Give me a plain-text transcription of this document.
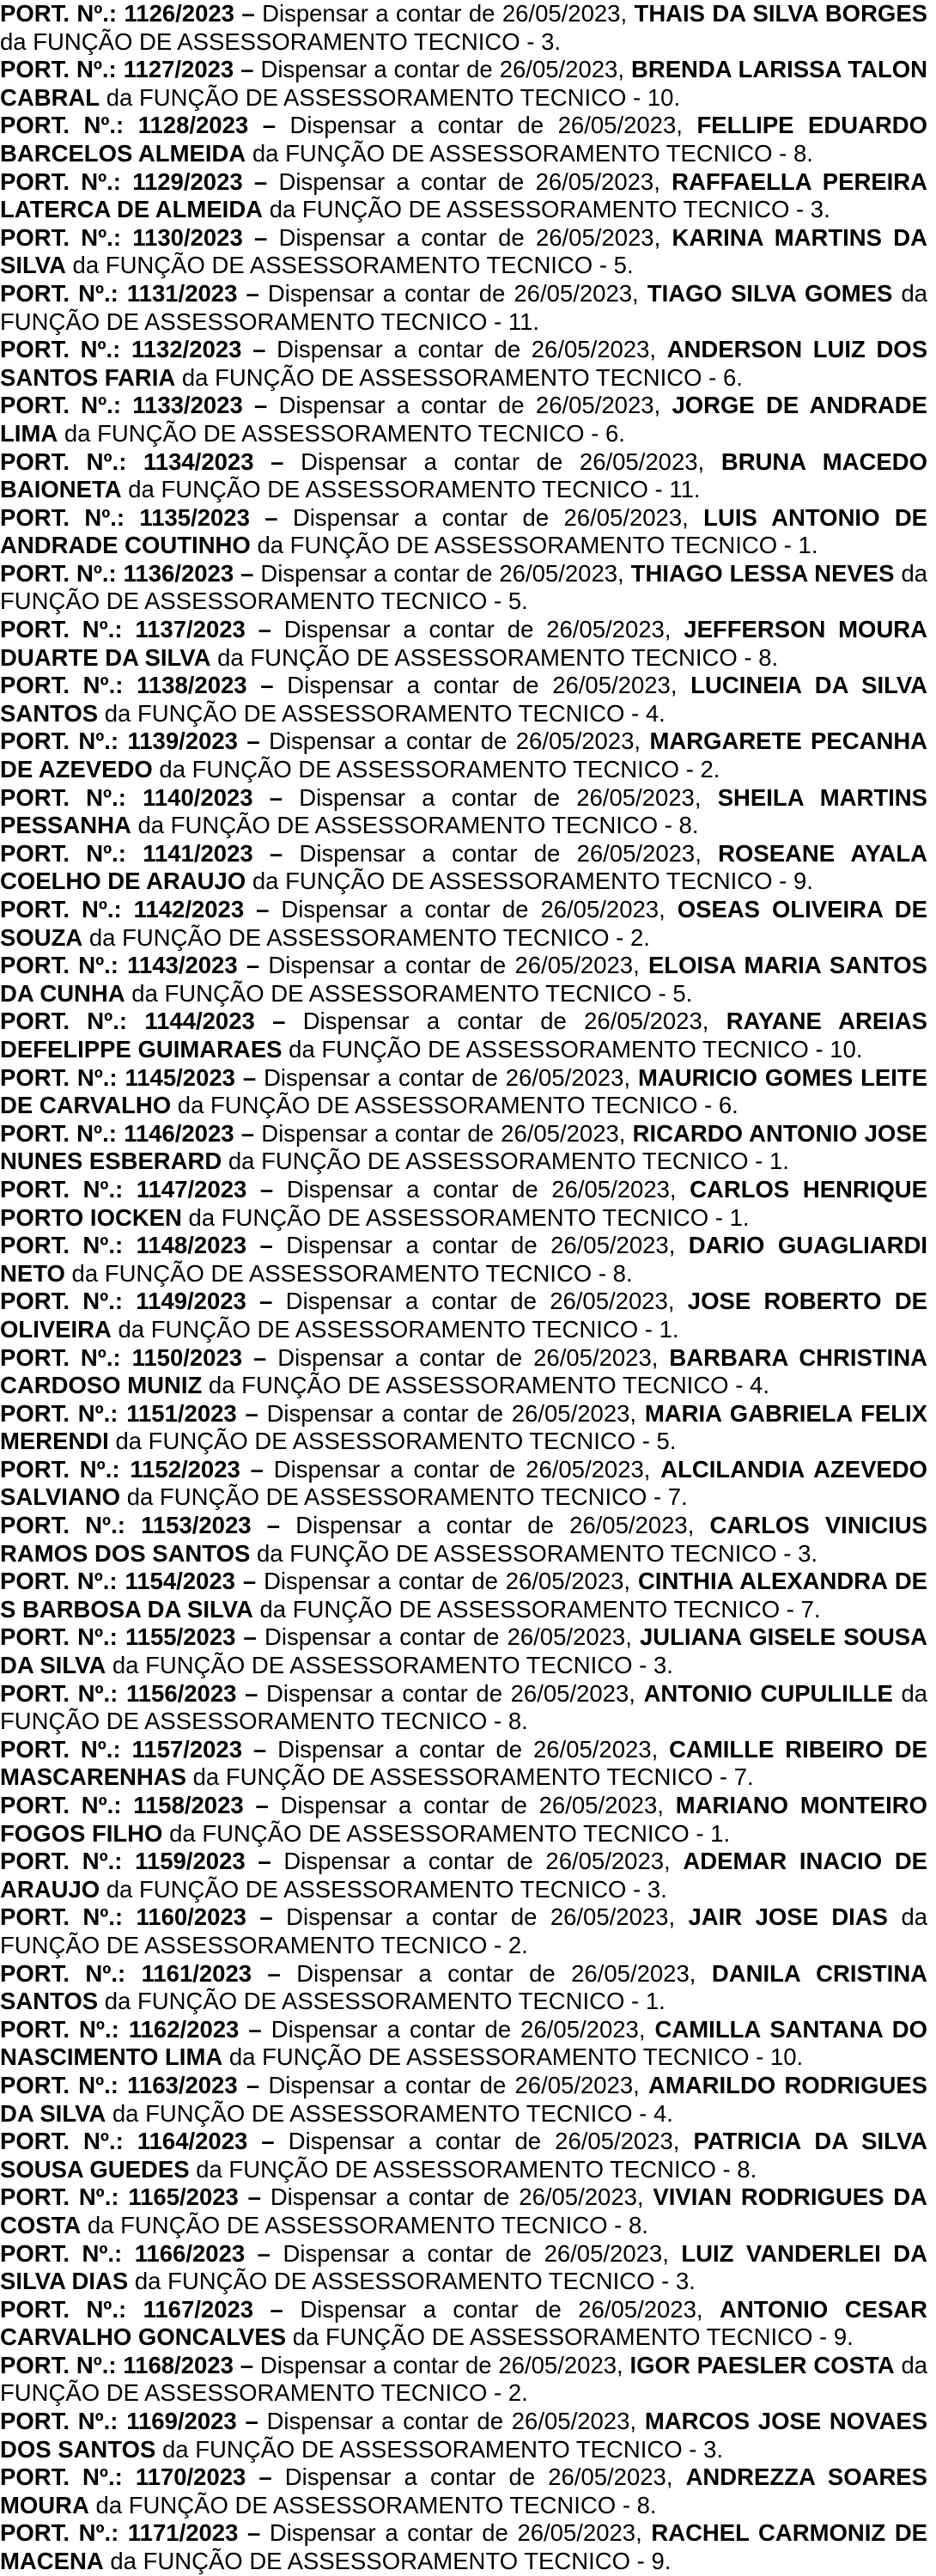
PORT. Nº.: 1126/2023 – Dispensar a contar de 26/05/2023, THAIS DA SILVA BORGES da FUNÇÃO DE ASSESSORAMENTO TECNICO - 3.

PORT. Nº.: 1127/2023 – Dispensar a contar de 26/05/2023, BRENDA LARISSA TALON CABRAL da FUNÇÃO DE ASSESSORAMENTO TECNICO - 10.

PORT. Nº.: 1128/2023 – Dispensar a contar de 26/05/2023, FELLIPE EDUARDO BARCELOS ALMEIDA da FUNÇÃO DE ASSESSORAMENTO TECNICO - 8.

PORT. Nº.: 1129/2023 – Dispensar a contar de 26/05/2023, RAFFAELLA PEREIRA LATERCA DE ALMEIDA da FUNÇÃO DE ASSESSORAMENTO TECNICO - 3.

PORT. Nº.: 1130/2023 – Dispensar a contar de 26/05/2023, KARINA MARTINS DA SILVA da FUNÇÃO DE ASSESSORAMENTO TECNICO - 5.

PORT. Nº.: 1131/2023 – Dispensar a contar de 26/05/2023, TIAGO SILVA GOMES da FUNÇÃO DE ASSESSORAMENTO TECNICO - 11.

PORT. Nº.: 1132/2023 – Dispensar a contar de 26/05/2023, ANDERSON LUIZ DOS SANTOS FARIA da FUNÇÃO DE ASSESSORAMENTO TECNICO - 6.

PORT. Nº.: 1133/2023 – Dispensar a contar de 26/05/2023, JORGE DE ANDRADE LIMA da FUNÇÃO DE ASSESSORAMENTO TECNICO - 6.

PORT. Nº.: 1134/2023 – Dispensar a contar de 26/05/2023, BRUNA MACEDO BAIONETA da FUNÇÃO DE ASSESSORAMENTO TECNICO - 11.

PORT. Nº.: 1135/2023 – Dispensar a contar de 26/05/2023, LUIS ANTONIO DE ANDRADE COUTINHO da FUNÇÃO DE ASSESSORAMENTO TECNICO - 1.

PORT. Nº.: 1136/2023 – Dispensar a contar de 26/05/2023, THIAGO LESSA NEVES da FUNÇÃO DE ASSESSORAMENTO TECNICO - 5.

PORT. Nº.: 1137/2023 – Dispensar a contar de 26/05/2023, JEFFERSON MOURA DUARTE DA SILVA da FUNÇÃO DE ASSESSORAMENTO TECNICO - 8.

PORT. Nº.: 1138/2023 – Dispensar a contar de 26/05/2023, LUCINEIA DA SILVA SANTOS da FUNÇÃO DE ASSESSORAMENTO TECNICO - 4.

PORT. Nº.: 1139/2023 – Dispensar a contar de 26/05/2023, MARGARETE PECANHA DE AZEVEDO da FUNÇÃO DE ASSESSORAMENTO TECNICO - 2.

PORT. Nº.: 1140/2023 – Dispensar a contar de 26/05/2023, SHEILA MARTINS PESSANHA da FUNÇÃO DE ASSESSORAMENTO TECNICO - 8.

PORT. Nº.: 1141/2023 – Dispensar a contar de 26/05/2023, ROSEANE AYALA COELHO DE ARAUJO da FUNÇÃO DE ASSESSORAMENTO TECNICO - 9.

PORT. Nº.: 1142/2023 – Dispensar a contar de 26/05/2023, OSEAS OLIVEIRA DE SOUZA da FUNÇÃO DE ASSESSORAMENTO TECNICO - 2.

PORT. Nº.: 1143/2023 – Dispensar a contar de 26/05/2023, ELOISA MARIA SANTOS DA CUNHA da FUNÇÃO DE ASSESSORAMENTO TECNICO - 5.

PORT. Nº.: 1144/2023 – Dispensar a contar de 26/05/2023, RAYANE AREIAS DEFELIPPE GUIMARAES da FUNÇÃO DE ASSESSORAMENTO TECNICO - 10.

PORT. Nº.: 1145/2023 – Dispensar a contar de 26/05/2023, MAURICIO GOMES LEITE DE CARVALHO da FUNÇÃO DE ASSESSORAMENTO TECNICO - 6.

PORT. Nº.: 1146/2023 – Dispensar a contar de 26/05/2023, RICARDO ANTONIO JOSE NUNES ESBERARD da FUNÇÃO DE ASSESSORAMENTO TECNICO - 1.

PORT. Nº.: 1147/2023 – Dispensar a contar de 26/05/2023, CARLOS HENRIQUE PORTO IOCKEN da FUNÇÃO DE ASSESSORAMENTO TECNICO - 1.

PORT. Nº.: 1148/2023 – Dispensar a contar de 26/05/2023, DARIO GUAGLIARDI NETO da FUNÇÃO DE ASSESSORAMENTO TECNICO - 8.

PORT. Nº.: 1149/2023 – Dispensar a contar de 26/05/2023, JOSE ROBERTO DE OLIVEIRA da FUNÇÃO DE ASSESSORAMENTO TECNICO - 1.

PORT. Nº.: 1150/2023 – Dispensar a contar de 26/05/2023, BARBARA CHRISTINA CARDOSO MUNIZ da FUNÇÃO DE ASSESSORAMENTO TECNICO - 4.

PORT. Nº.: 1151/2023 – Dispensar a contar de 26/05/2023, MARIA GABRIELA FELIX MERENDI da FUNÇÃO DE ASSESSORAMENTO TECNICO - 5.

PORT. Nº.: 1152/2023 – Dispensar a contar de 26/05/2023, ALCILANDIA AZEVEDO SALVIANO da FUNÇÃO DE ASSESSORAMENTO TECNICO - 7.

PORT. Nº.: 1153/2023 – Dispensar a contar de 26/05/2023, CARLOS VINICIUS RAMOS DOS SANTOS da FUNÇÃO DE ASSESSORAMENTO TECNICO - 3.

PORT. Nº.: 1154/2023 – Dispensar a contar de 26/05/2023, CINTHIA ALEXANDRA DE S BARBOSA DA SILVA da FUNÇÃO DE ASSESSORAMENTO TECNICO - 7.

PORT. Nº.: 1155/2023 – Dispensar a contar de 26/05/2023, JULIANA GISELE SOUSA DA SILVA da FUNÇÃO DE ASSESSORAMENTO TECNICO - 3.

PORT. Nº.: 1156/2023 – Dispensar a contar de 26/05/2023, ANTONIO CUPULILLE da FUNÇÃO DE ASSESSORAMENTO TECNICO - 8.

PORT. Nº.: 1157/2023 – Dispensar a contar de 26/05/2023, CAMILLE RIBEIRO DE MASCARENHAS da FUNÇÃO DE ASSESSORAMENTO TECNICO - 7.

PORT. Nº.: 1158/2023 – Dispensar a contar de 26/05/2023, MARIANO MONTEIRO FOGOS FILHO da FUNÇÃO DE ASSESSORAMENTO TECNICO - 1.

PORT. Nº.: 1159/2023 – Dispensar a contar de 26/05/2023, ADEMAR INACIO DE ARAUJO da FUNÇÃO DE ASSESSORAMENTO TECNICO - 3.

PORT. Nº.: 1160/2023 – Dispensar a contar de 26/05/2023, JAIR JOSE DIAS da FUNÇÃO DE ASSESSORAMENTO TECNICO - 2.

PORT. Nº.: 1161/2023 – Dispensar a contar de 26/05/2023, DANILA CRISTINA SANTOS da FUNÇÃO DE ASSESSORAMENTO TECNICO - 1.

PORT. Nº.: 1162/2023 – Dispensar a contar de 26/05/2023, CAMILLA SANTANA DO NASCIMENTO LIMA da FUNÇÃO DE ASSESSORAMENTO TECNICO - 10.

PORT. Nº.: 1163/2023 – Dispensar a contar de 26/05/2023, AMARILDO RODRIGUES DA SILVA da FUNÇÃO DE ASSESSORAMENTO TECNICO - 4.

PORT. Nº.: 1164/2023 – Dispensar a contar de 26/05/2023, PATRICIA DA SILVA SOUSA GUEDES da FUNÇÃO DE ASSESSORAMENTO TECNICO - 8.

PORT. Nº.: 1165/2023 – Dispensar a contar de 26/05/2023, VIVIAN RODRIGUES DA COSTA da FUNÇÃO DE ASSESSORAMENTO TECNICO - 8.

PORT. Nº.: 1166/2023 – Dispensar a contar de 26/05/2023, LUIZ VANDERLEI DA SILVA DIAS da FUNÇÃO DE ASSESSORAMENTO TECNICO - 3.

PORT. Nº.: 1167/2023 – Dispensar a contar de 26/05/2023, ANTONIO CESAR CARVALHO GONCALVES da FUNÇÃO DE ASSESSORAMENTO TECNICO - 9.

PORT. Nº.: 1168/2023 – Dispensar a contar de 26/05/2023, IGOR PAESLER COSTA da FUNÇÃO DE ASSESSORAMENTO TECNICO - 2.

PORT. Nº.: 1169/2023 – Dispensar a contar de 26/05/2023, MARCOS JOSE NOVAES DOS SANTOS da FUNÇÃO DE ASSESSORAMENTO TECNICO - 3.

PORT. Nº.: 1170/2023 – Dispensar a contar de 26/05/2023, ANDREZZA SOARES MOURA da FUNÇÃO DE ASSESSORAMENTO TECNICO - 8.

PORT. Nº.: 1171/2023 – Dispensar a contar de 26/05/2023, RACHEL CARMONIZ DE MACENA da FUNÇÃO DE ASSESSORAMENTO TECNICO - 9.
